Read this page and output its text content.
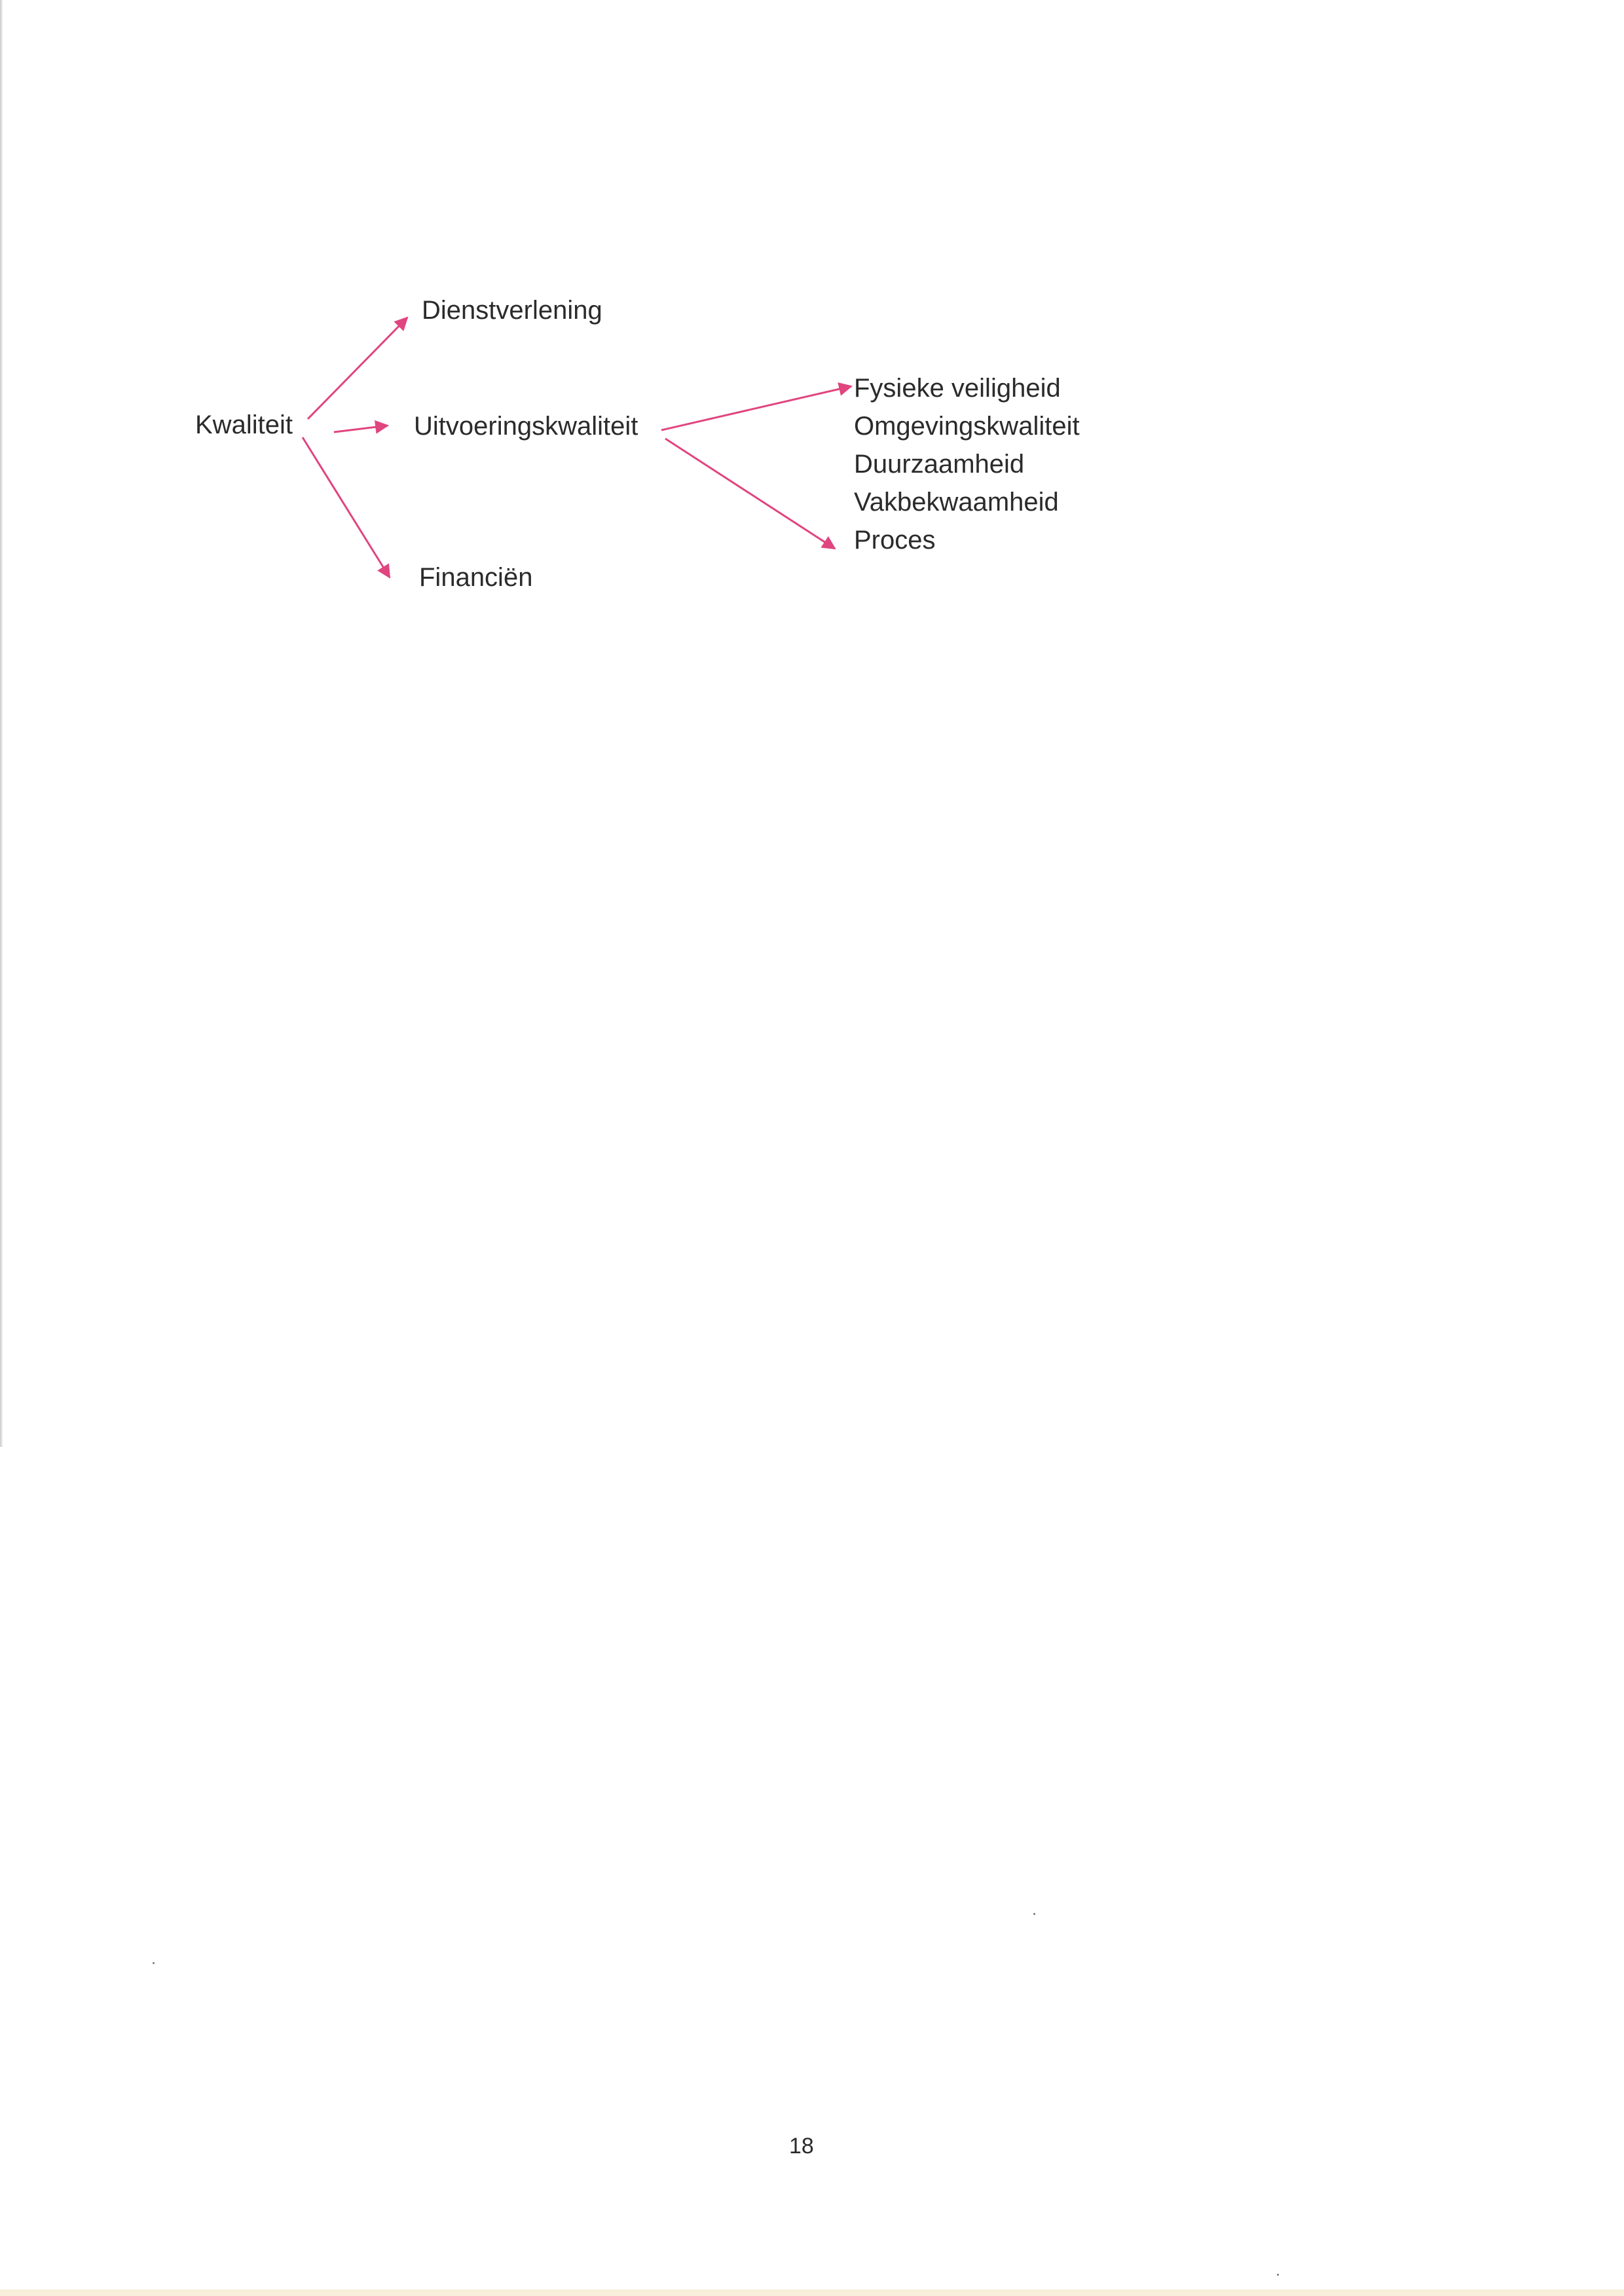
Kwaliteit
Dienstverlening
Uitvoeringskwaliteit
Financiën
Fysieke veiligheid
Omgevingskwaliteit
Duurzaamheid
Vakbekwaamheid
Proces
18
